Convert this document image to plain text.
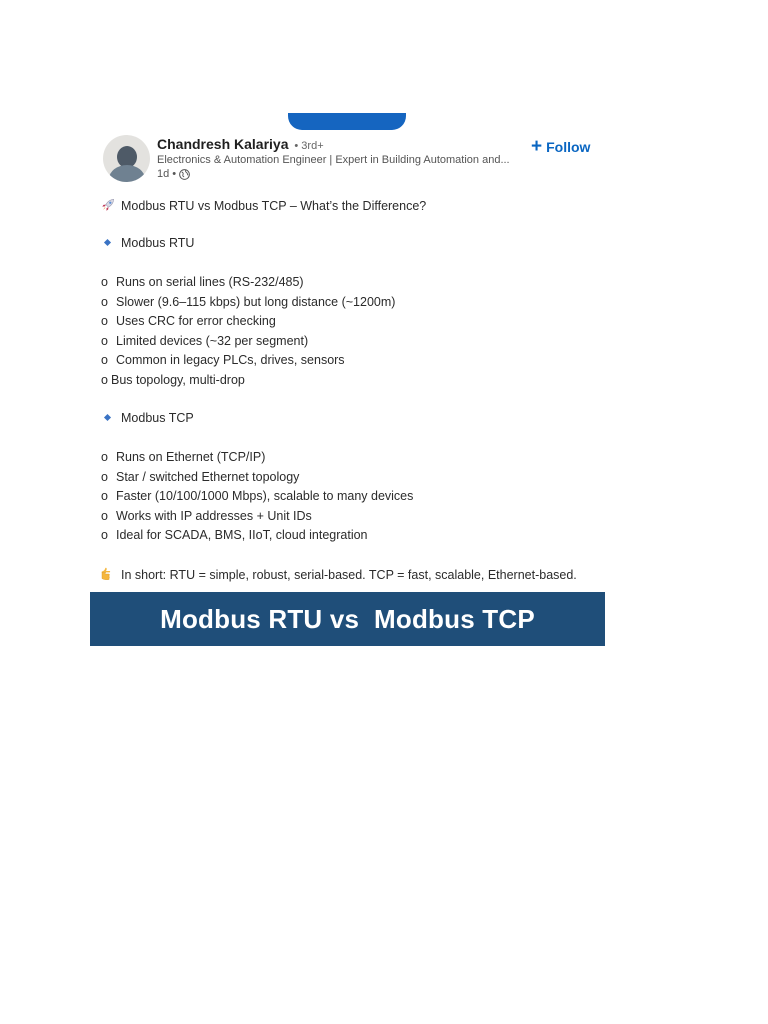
Chandresh Kalariya • 3rd+
Electronics & Automation Engineer | Expert in Building Automation and...
1d •
+ Follow
Modbus RTU vs Modbus TCP – What’s the Difference?
Modbus RTU
o Runs on serial lines (RS-232/485)
o Slower (9.6–115 kbps) but long distance (~1200m)
o Uses CRC for error checking
o Limited devices (~32 per segment)
o Common in legacy PLCs, drives, sensors
o Bus topology, multi-drop
Modbus TCP
o Runs on Ethernet (TCP/IP)
o Star / switched Ethernet topology
o Faster (10/100/1000 Mbps), scalable to many devices
o Works with IP addresses + Unit IDs
o Ideal for SCADA, BMS, IIoT, cloud integration
In short: RTU = simple, robust, serial-based. TCP = fast, scalable, Ethernet-based.
Modbus RTU vs  Modbus TCP
